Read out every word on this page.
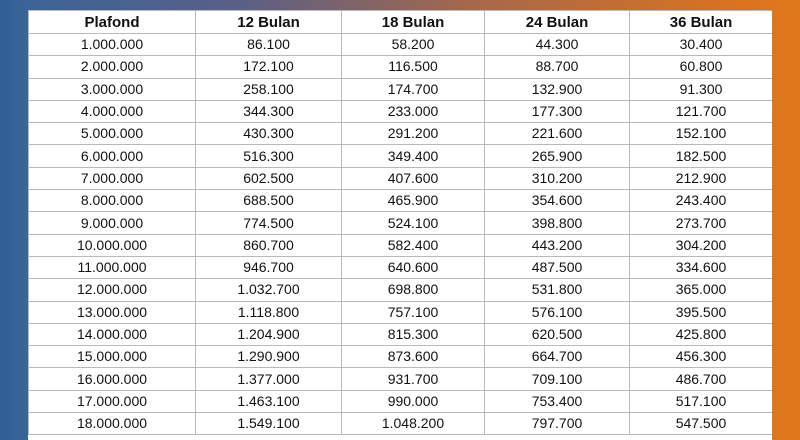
Plafond	12 Bulan	18 Bulan	24 Bulan	36 Bulan
1.000.000	86.100	58.200	44.300	30.400
2.000.000	172.100	116.500	88.700	60.800
3.000.000	258.100	174.700	132.900	91.300
4.000.000	344.300	233.000	177.300	121.700
5.000.000	430.300	291.200	221.600	152.100
6.000.000	516.300	349.400	265.900	182.500
7.000.000	602.500	407.600	310.200	212.900
8.000.000	688.500	465.900	354.600	243.400
9.000.000	774.500	524.100	398.800	273.700
10.000.000	860.700	582.400	443.200	304.200
11.000.000	946.700	640.600	487.500	334.600
12.000.000	1.032.700	698.800	531.800	365.000
13.000.000	1.118.800	757.100	576.100	395.500
14.000.000	1.204.900	815.300	620.500	425.800
15.000.000	1.290.900	873.600	664.700	456.300
16.000.000	1.377.000	931.700	709.100	486.700
17.000.000	1.463.100	990.000	753.400	517.100
18.000.000	1.549.100	1.048.200	797.700	547.500
